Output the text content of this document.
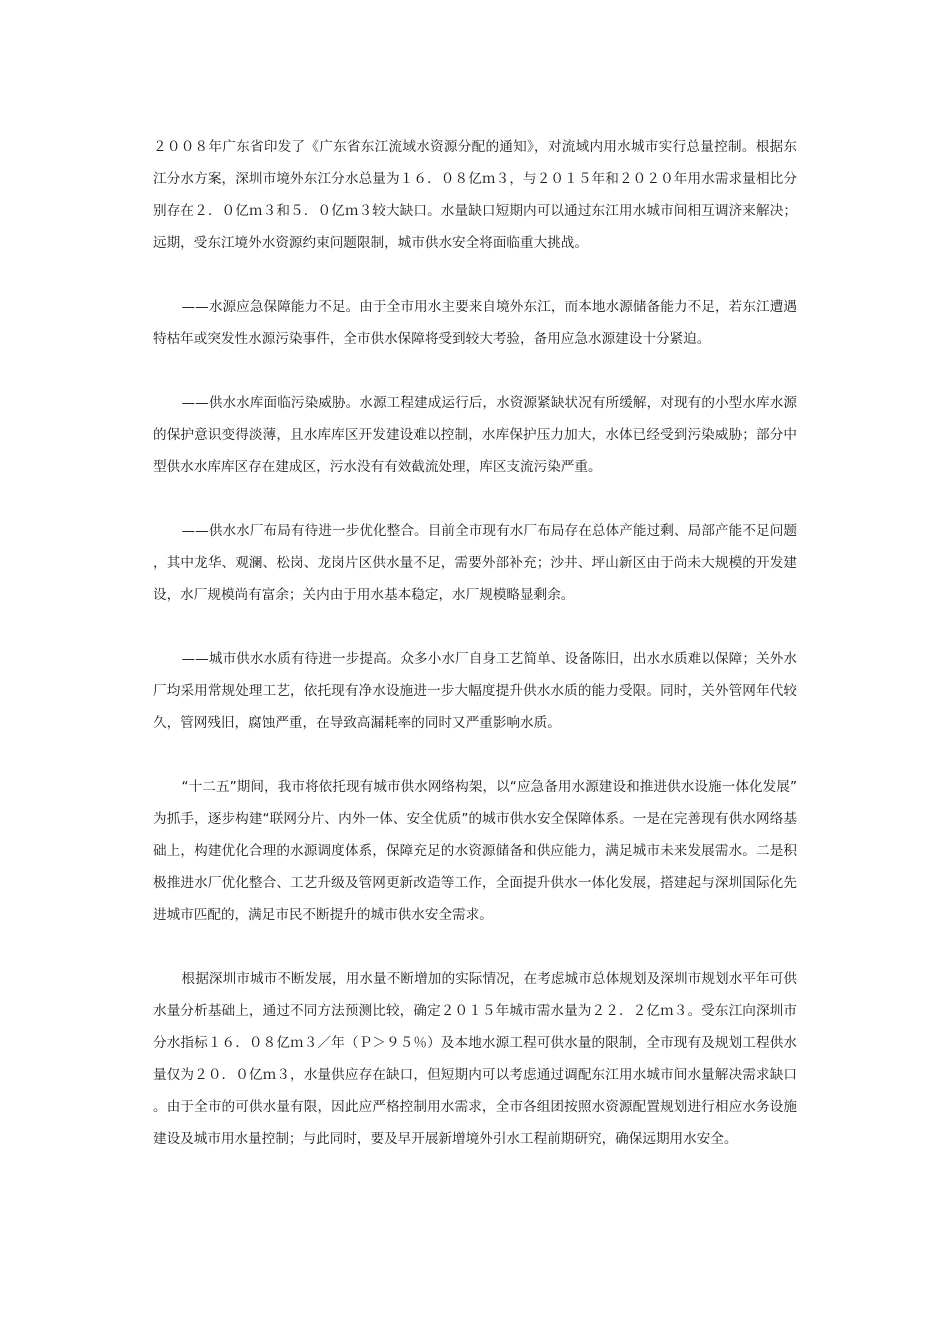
２００８年广东省印发了《广东省东江流域水资源分配的通知》，对流域内用水城市实行总量控制。根据东江分水方案，深圳市境外东江分水总量为１６．０８亿ｍ３，与２０１５年和２０２０年用水需求量相比分别存在２．０亿ｍ３和５．０亿ｍ３较大缺口。水量缺口短期内可以通过东江用水城市间相互调济来解决；远期，受东江境外水资源约束问题限制，城市供水安全将面临重大挑战。

——水源应急保障能力不足。由于全市用水主要来自境外东江，而本地水源储备能力不足，若东江遭遇特枯年或突发性水源污染事件，全市供水保障将受到较大考验，备用应急水源建设十分紧迫。

——供水水库面临污染威胁。水源工程建成运行后，水资源紧缺状况有所缓解，对现有的小型水库水源的保护意识变得淡薄，且水库库区开发建设难以控制，水库保护压力加大，水体已经受到污染威胁；部分中型供水水库库区存在建成区，污水没有有效截流处理，库区支流污染严重。

——供水水厂布局有待进一步优化整合。目前全市现有水厂布局存在总体产能过剩、局部产能不足问题，其中龙华、观澜、松岗、龙岗片区供水量不足，需要外部补充；沙井、坪山新区由于尚未大规模的开发建设，水厂规模尚有富余；关内由于用水基本稳定，水厂规模略显剩余。

——城市供水水质有待进一步提高。众多小水厂自身工艺简单、设备陈旧，出水水质难以保障；关外水厂均采用常规处理工艺，依托现有净水设施进一步大幅度提升供水水质的能力受限。同时，关外管网年代较久，管网残旧，腐蚀严重，在导致高漏耗率的同时又严重影响水质。

“十二五”期间，我市将依托现有城市供水网络构架，以“应急备用水源建设和推进供水设施一体化发展”为抓手，逐步构建“联网分片、内外一体、安全优质”的城市供水安全保障体系。一是在完善现有供水网络基础上，构建优化合理的水源调度体系，保障充足的水资源储备和供应能力，满足城市未来发展需水。二是积极推进水厂优化整合、工艺升级及管网更新改造等工作，全面提升供水一体化发展，搭建起与深圳国际化先进城市匹配的，满足市民不断提升的城市供水安全需求。

根据深圳市城市不断发展，用水量不断增加的实际情况，在考虑城市总体规划及深圳市规划水平年可供水量分析基础上，通过不同方法预测比较，确定２０１５年城市需水量为２２．２亿ｍ３。受东江向深圳市分水指标１６．０８亿ｍ３／年（Ｐ＞９５％）及本地水源工程可供水量的限制，全市现有及规划工程供水量仅为２０．０亿ｍ３，水量供应存在缺口，但短期内可以考虑通过调配东江用水城市间水量解决需求缺口。由于全市的可供水量有限，因此应严格控制用水需求，全市各组团按照水资源配置规划进行相应水务设施建设及城市用水量控制；与此同时，要及早开展新增境外引水工程前期研究，确保远期用水安全。
